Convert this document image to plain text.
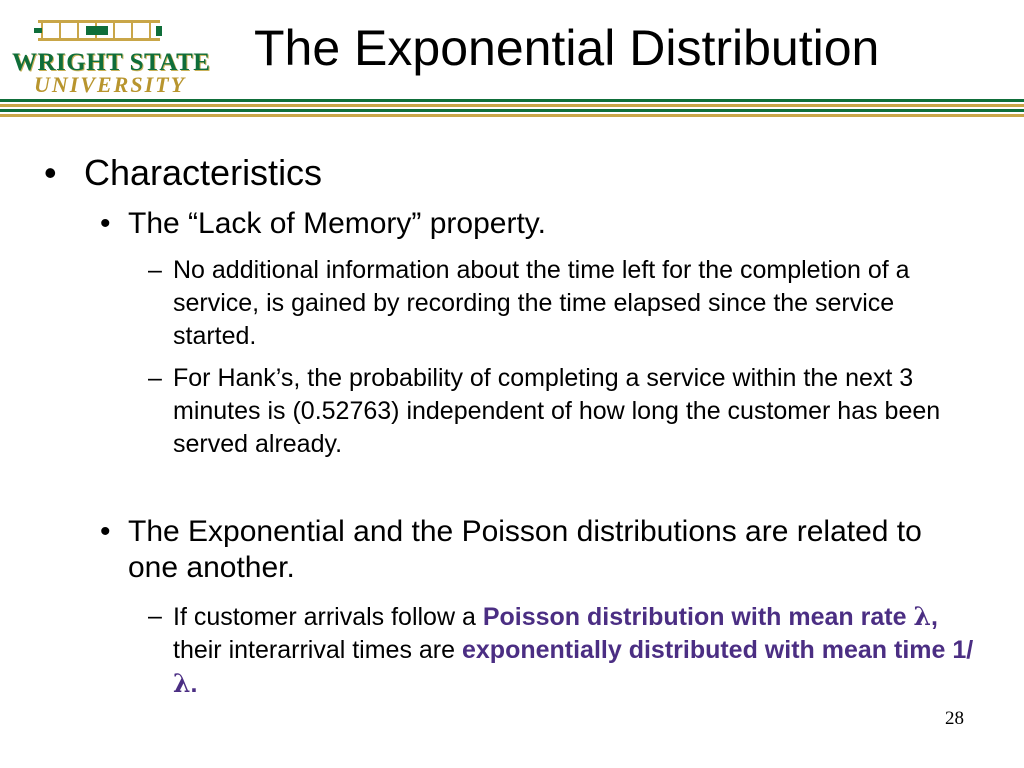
WRIGHT STATE
UNIVERSITY
The Exponential Distribution
• Characteristics
• The “Lack of Memory” property.
– No additional information about the time left for the completion of a service, is gained by recording the time elapsed since the service started.
– For Hank’s, the probability of completing a service within the next 3 minutes is (0.52763) independent of how long the customer has been served already.
• The Exponential and the Poisson distributions are related to one another.
– If customer arrivals follow a Poisson distribution with mean rate λ, their interarrival times are exponentially distributed with mean time 1/λ.
28
